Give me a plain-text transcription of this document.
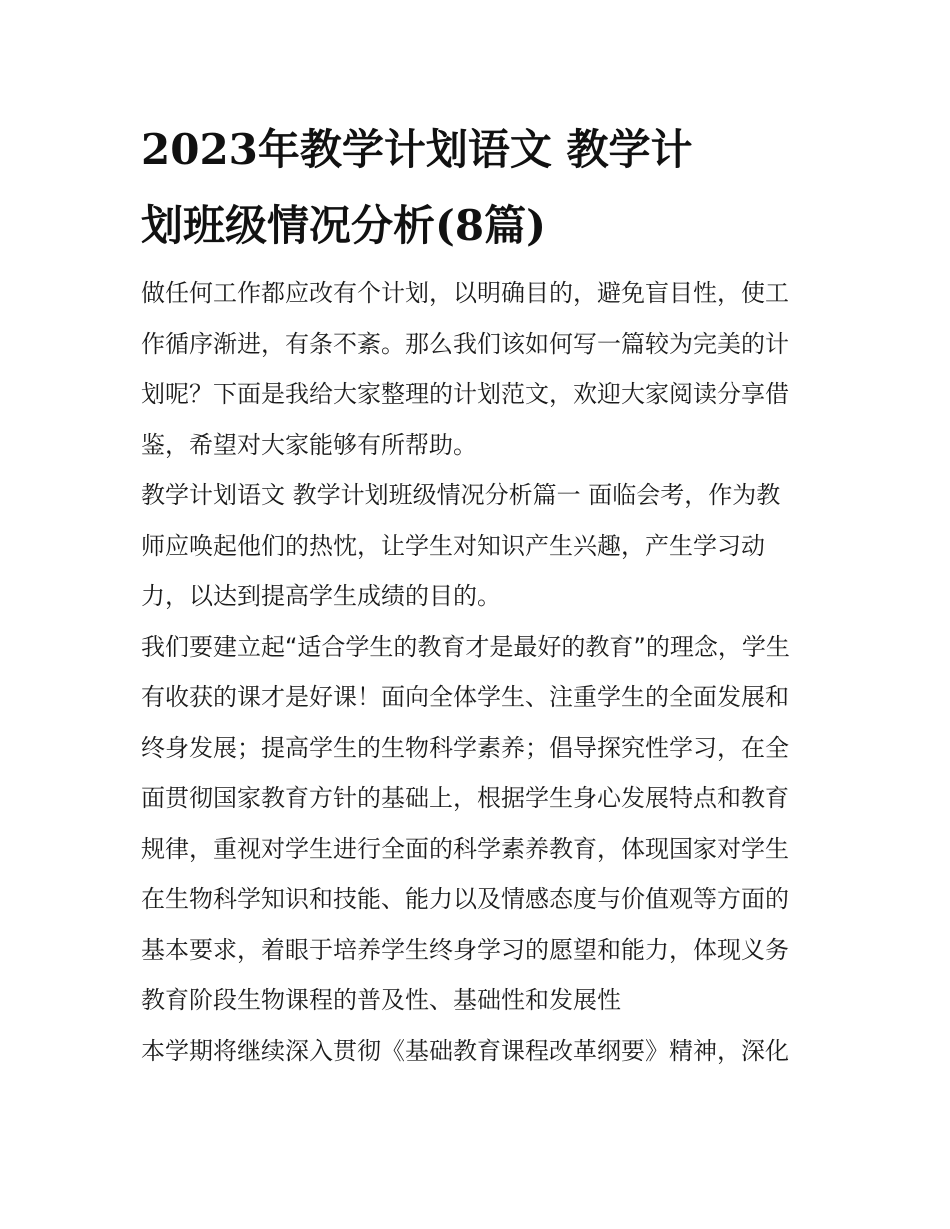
2023年教学计划语文 教学计
划班级情况分析(8篇)
做任何工作都应改有个计划，以明确目的，避免盲目性，使工
作循序渐进，有条不紊。那么我们该如何写一篇较为完美的计
划呢？下面是我给大家整理的计划范文，欢迎大家阅读分享借
鉴，希望对大家能够有所帮助。
教学计划语文 教学计划班级情况分析篇一 面临会考，作为教
师应唤起他们的热忱，让学生对知识产生兴趣，产生学习动
力，以达到提高学生成绩的目的。
我们要建立起“适合学生的教育才是最好的教育”的理念，学生
有收获的课才是好课！面向全体学生、注重学生的全面发展和
终身发展；提高学生的生物科学素养；倡导探究性学习，在全
面贯彻国家教育方针的基础上，根据学生身心发展特点和教育
规律，重视对学生进行全面的科学素养教育，体现国家对学生
在生物科学知识和技能、能力以及情感态度与价值观等方面的
基本要求，着眼于培养学生终身学习的愿望和能力，体现义务
教育阶段生物课程的普及性、基础性和发展性
本学期将继续深入贯彻《基础教育课程改革纲要》精神，深化
